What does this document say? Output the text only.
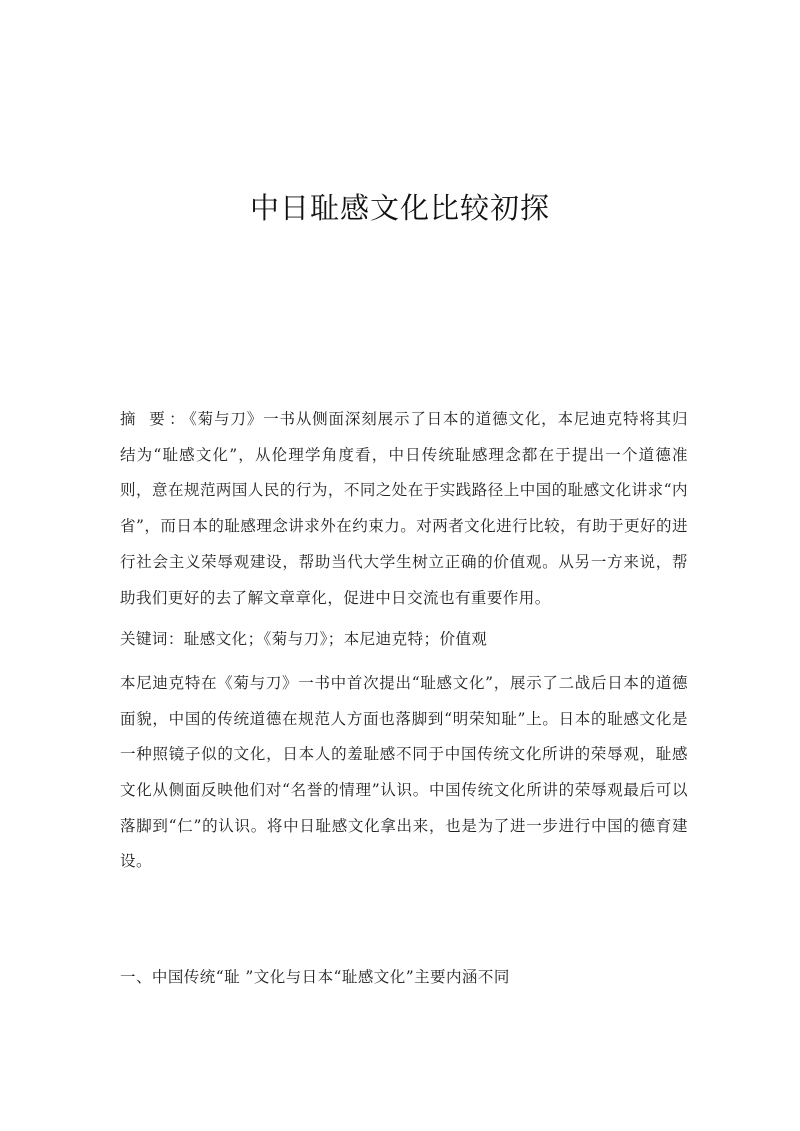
中日耻感文化比较初探

摘 要：《菊与刀》一书从侧面深刻展示了日本的道德文化，本尼迪克特将其归结为“耻感文化”，从伦理学角度看，中日传统耻感理念都在于提出一个道德准则，意在规范两国人民的行为，不同之处在于实践路径上中国的耻感文化讲求“内省”，而日本的耻感理念讲求外在约束力。对两者文化进行比较，有助于更好的进行社会主义荣辱观建设，帮助当代大学生树立正确的价值观。从另一方来说，帮助我们更好的去了解文章章化，促进中日交流也有重要作用。

关键词：耻感文化；《菊与刀》；本尼迪克特；价值观

本尼迪克特在《菊与刀》一书中首次提出“耻感文化”，展示了二战后日本的道德面貌，中国的传统道德在规范人方面也落脚到“明荣知耻”上。日本的耻感文化是一种照镜子似的文化，日本人的羞耻感不同于中国传统文化所讲的荣辱观，耻感文化从侧面反映他们对“名誉的情理”认识。中国传统文化所讲的荣辱观最后可以落脚到“仁”的认识。将中日耻感文化拿出来，也是为了进一步进行中国的德育建设。

一、中国传统“耻 ”文化与日本“耻感文化”主要内涵不同
